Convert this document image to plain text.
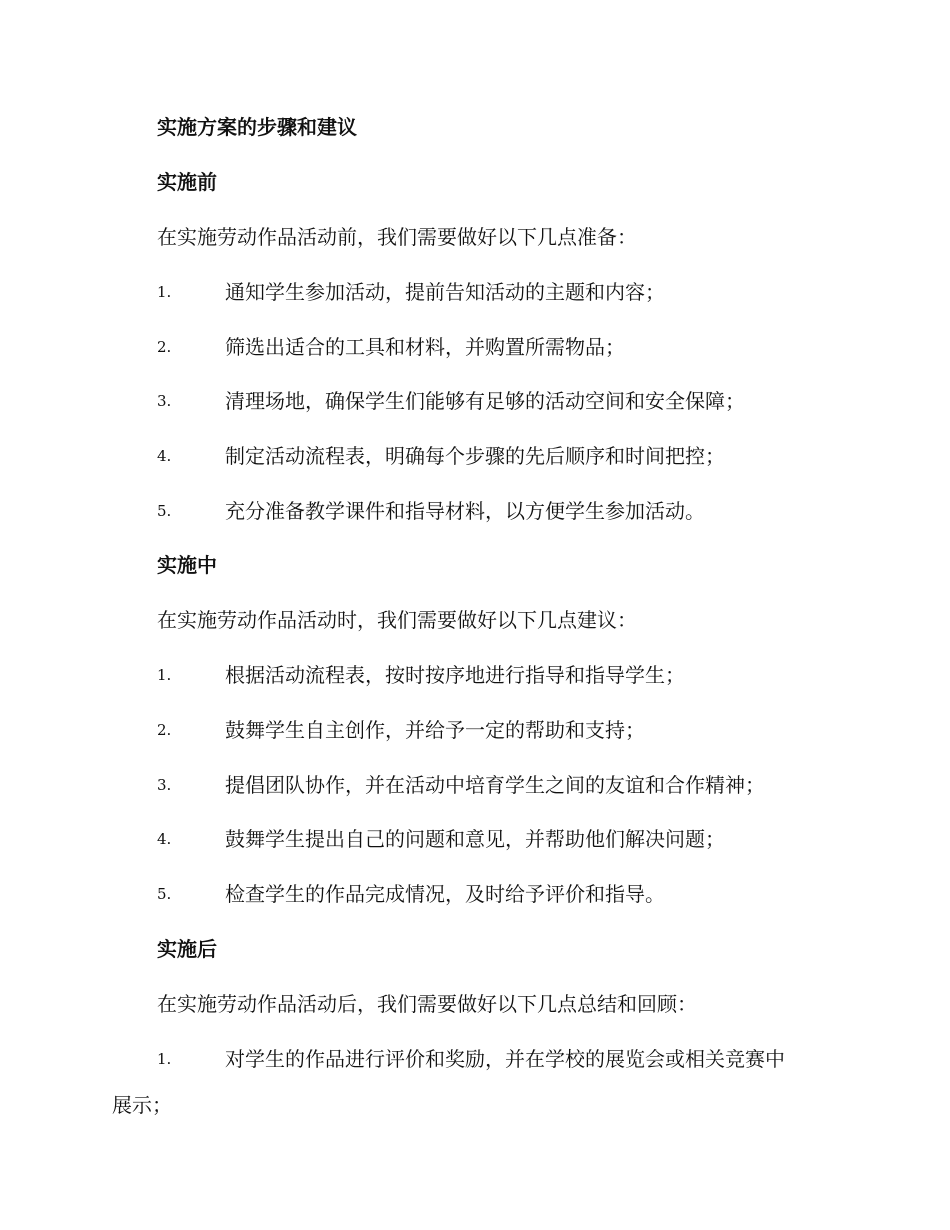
实施方案的步骤和建议
实施前
在实施劳动作品活动前，我们需要做好以下几点准备：
1.	通知学生参加活动，提前告知活动的主题和内容；
2.	筛选出适合的工具和材料，并购置所需物品；
3.	清理场地，确保学生们能够有足够的活动空间和安全保障；
4.	制定活动流程表，明确每个步骤的先后顺序和时间把控；
5.	充分准备教学课件和指导材料，以方便学生参加活动。
实施中
在实施劳动作品活动时，我们需要做好以下几点建议：
1.	根据活动流程表，按时按序地进行指导和指导学生；
2.	鼓舞学生自主创作，并给予一定的帮助和支持；
3.	提倡团队协作，并在活动中培育学生之间的友谊和合作精神；
4.	鼓舞学生提出自己的问题和意见，并帮助他们解决问题；
5.	检查学生的作品完成情况，及时给予评价和指导。
实施后
在实施劳动作品活动后，我们需要做好以下几点总结和回顾：
1.	对学生的作品进行评价和奖励，并在学校的展览会或相关竞赛中
展示；
